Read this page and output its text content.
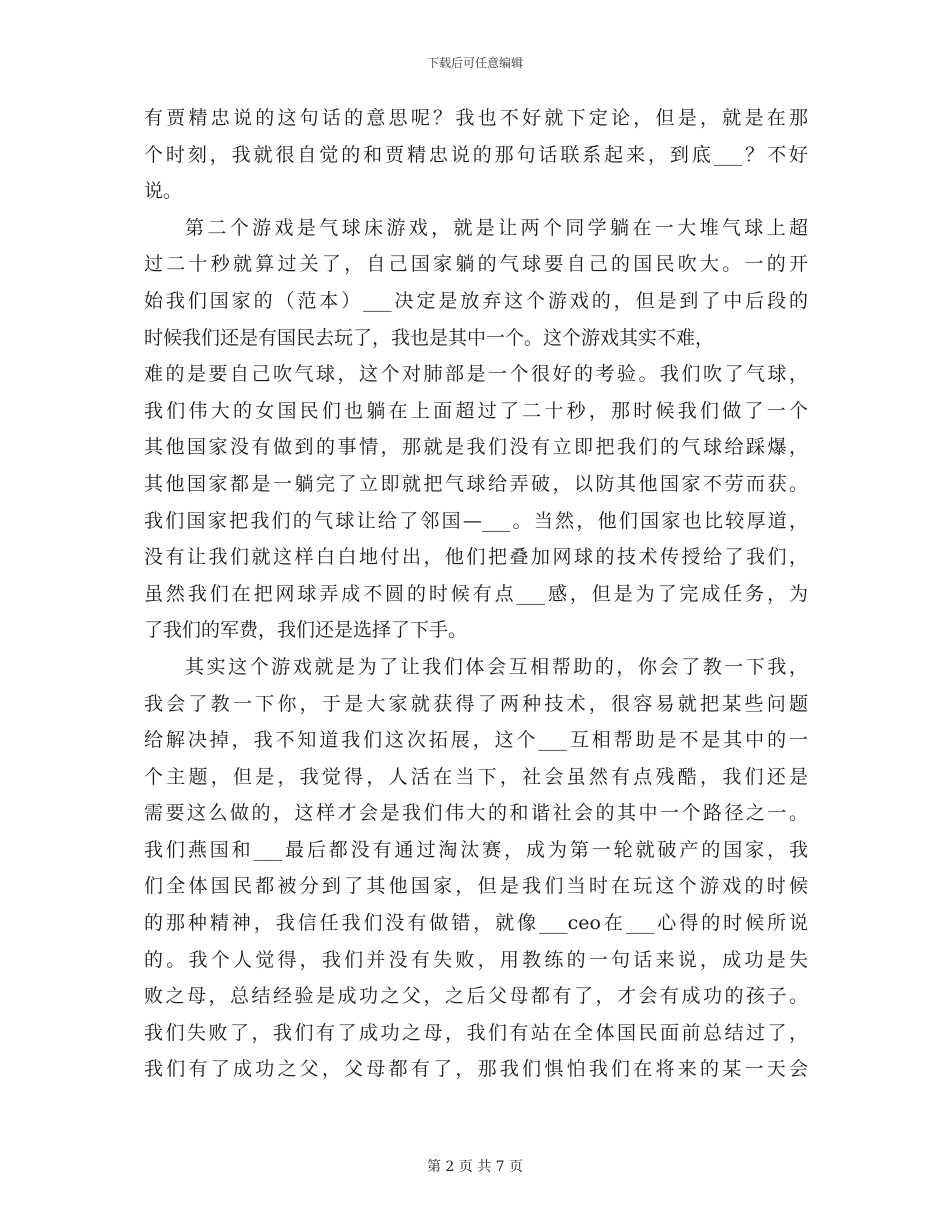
下载后可任意编辑
有贾精忠说的这句话的意思呢？我也不好就下定论，但是，就是在那
个时刻，我就很自觉的和贾精忠说的那句话联系起来，到底___？不好
说。
第二个游戏是气球床游戏，就是让两个同学躺在一大堆气球上超
过二十秒就算过关了，自己国家躺的气球要自己的国民吹大。一的开
始我们国家的（范本）___决定是放弃这个游戏的，但是到了中后段的
时候我们还是有国民去玩了，我也是其中一个。这个游戏其实不难，
难的是要自己吹气球，这个对肺部是一个很好的考验。我们吹了气球，
我们伟大的女国民们也躺在上面超过了二十秒，那时候我们做了一个
其他国家没有做到的事情，那就是我们没有立即把我们的气球给踩爆，
其他国家都是一躺完了立即就把气球给弄破，以防其他国家不劳而获。
我们国家把我们的气球让给了邻国—___。当然，他们国家也比较厚道，
没有让我们就这样白白地付出，他们把叠加网球的技术传授给了我们，
虽然我们在把网球弄成不圆的时候有点___感，但是为了完成任务，为
了我们的军费，我们还是选择了下手。
其实这个游戏就是为了让我们体会互相帮助的，你会了教一下我，
我会了教一下你，于是大家就获得了两种技术，很容易就把某些问题
给解决掉，我不知道我们这次拓展，这个___互相帮助是不是其中的一
个主题，但是，我觉得，人活在当下，社会虽然有点残酷，我们还是
需要这么做的，这样才会是我们伟大的和谐社会的其中一个路径之一。
我们燕国和___最后都没有通过淘汰赛，成为第一轮就破产的国家，我
们全体国民都被分到了其他国家，但是我们当时在玩这个游戏的时候
的那种精神，我信任我们没有做错，就像___ceo在___心得的时候所说
的。我个人觉得，我们并没有失败，用教练的一句话来说，成功是失
败之母，总结经验是成功之父，之后父母都有了，才会有成功的孩子。
我们失败了，我们有了成功之母，我们有站在全体国民面前总结过了，
我们有了成功之父，父母都有了，那我们惧怕我们在将来的某一天会
第 2 页 共 7 页
